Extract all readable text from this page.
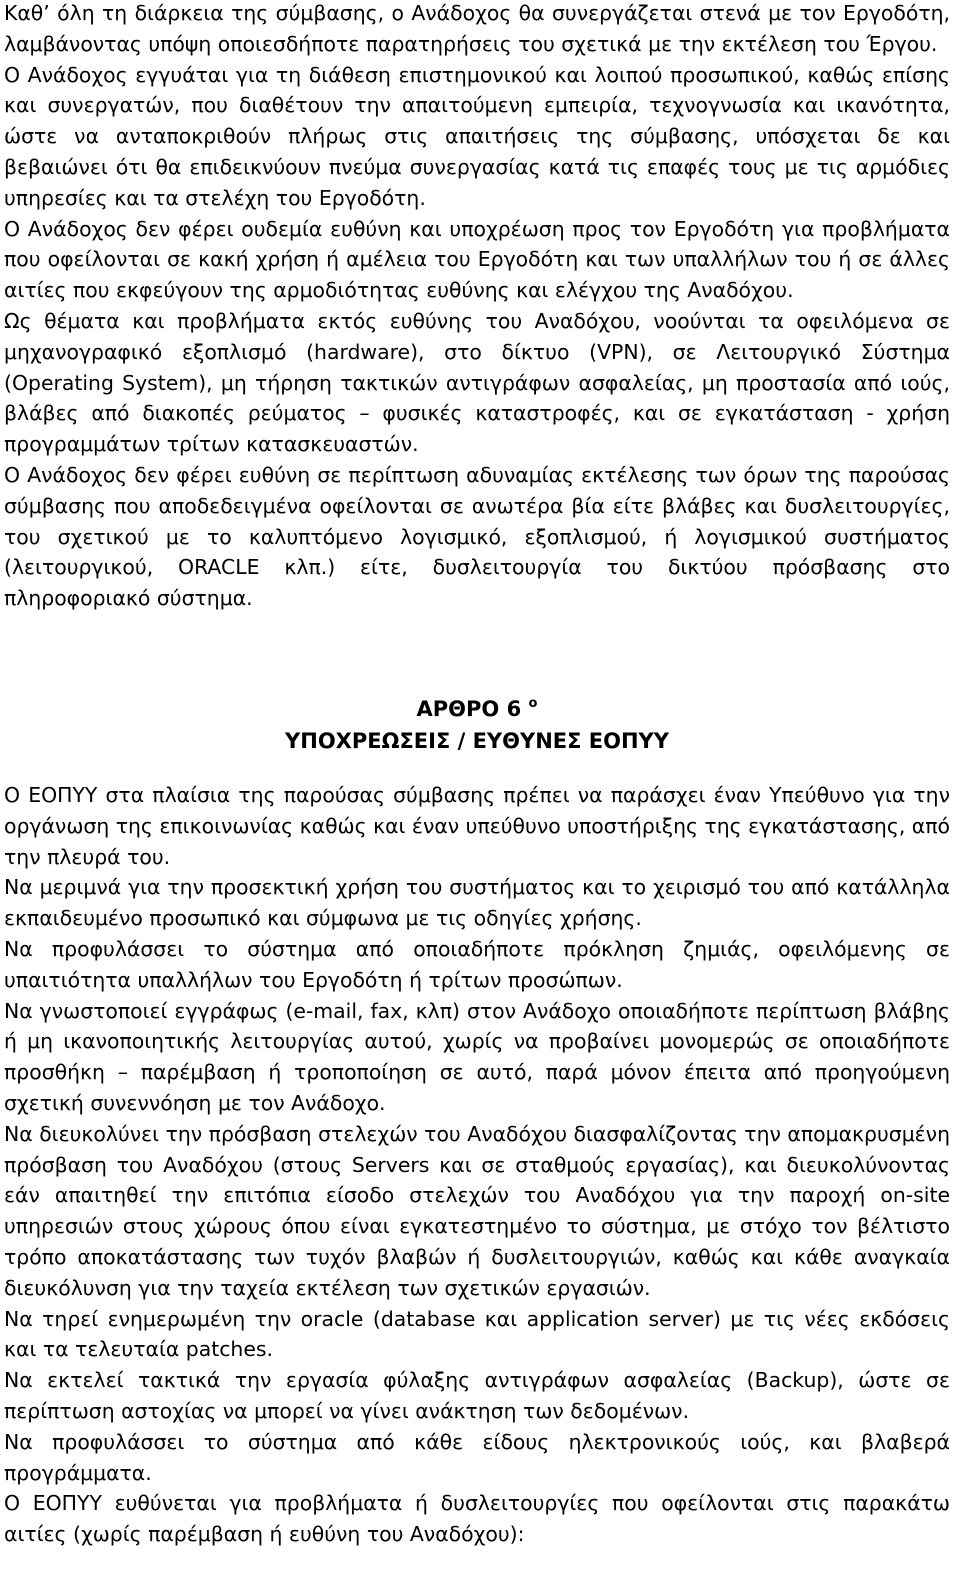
Καθ’ όλη τη διάρκεια της σύμβασης, ο Ανάδοχος θα συνεργάζεται στενά με τον Εργοδότη, λαμβάνοντας υπόψη οποιεσδήποτε παρατηρήσεις του σχετικά με την εκτέλεση του Έργου.

Ο Ανάδοχος εγγυάται για τη διάθεση επιστημονικού και λοιπού προσωπικού, καθώς επίσης και συνεργατών, που διαθέτουν την απαιτούμενη εμπειρία, τεχνογνωσία και ικανότητα, ώστε να ανταποκριθούν πλήρως στις απαιτήσεις της σύμβασης, υπόσχεται δε και βεβαιώνει ότι θα επιδεικνύουν πνεύμα συνεργασίας κατά τις επαφές τους με τις αρμόδιες υπηρεσίες και τα στελέχη του Εργοδότη.

Ο Ανάδοχος δεν φέρει ουδεμία ευθύνη και υποχρέωση προς τον Εργοδότη για προβλήματα που οφείλονται σε κακή χρήση ή αμέλεια του Εργοδότη και των υπαλλήλων του ή σε άλλες αιτίες που εκφεύγουν της αρμοδιότητας ευθύνης και ελέγχου της Αναδόχου.

Ως θέματα και προβλήματα εκτός ευθύνης του Αναδόχου, νοούνται τα οφειλόμενα σε μηχανογραφικό εξοπλισμό (hardware), στο δίκτυο (VPN), σε Λειτουργικό Σύστημα (Operating System), μη τήρηση τακτικών αντιγράφων ασφαλείας, μη προστασία από ιούς, βλάβες από διακοπές ρεύματος – φυσικές καταστροφές, και σε εγκατάσταση - χρήση προγραμμάτων τρίτων κατασκευαστών.

Ο Ανάδοχος δεν φέρει ευθύνη σε περίπτωση αδυναμίας εκτέλεσης των όρων της παρούσας σύμβασης που αποδεδειγμένα οφείλονται σε ανωτέρα βία είτε βλάβες και δυσλειτουργίες, του σχετικού με το καλυπτόμενο λογισμικό, εξοπλισμού, ή λογισμικού συστήματος (λειτουργικού, ORACLE κλπ.) είτε, δυσλειτουργία του δικτύου πρόσβασης στο πληροφοριακό σύστημα.

ΑΡΘΡΟ 6 $^o$
ΥΠΟΧΡΕΩΣΕΙΣ / ΕΥΘΥΝΕΣ ΕΟΠΥΥ

Ο ΕΟΠΥΥ στα πλαίσια της παρούσας σύμβασης πρέπει να παράσχει έναν Υπεύθυνο για την οργάνωση της επικοινωνίας καθώς και έναν υπεύθυνο υποστήριξης της εγκατάστασης, από την πλευρά του.

Να μεριμνά για την προσεκτική χρήση του συστήματος και το χειρισμό του από κατάλληλα εκπαιδευμένο προσωπικό και σύμφωνα με τις οδηγίες χρήσης.

Να προφυλάσσει το σύστημα από οποιαδήποτε πρόκληση ζημιάς, οφειλόμενης σε υπαιτιότητα υπαλλήλων του Εργοδότη ή τρίτων προσώπων.

Να γνωστοποιεί εγγράφως (e-mail, fax, κλπ) στον Ανάδοχο οποιαδήποτε περίπτωση βλάβης ή μη ικανοποιητικής λειτουργίας αυτού, χωρίς να προβαίνει μονομερώς σε οποιαδήποτε προσθήκη – παρέμβαση ή τροποποίηση σε αυτό, παρά μόνον έπειτα από προηγούμενη σχετική συνεννόηση με τον Ανάδοχο.

Να διευκολύνει την πρόσβαση στελεχών του Αναδόχου διασφαλίζοντας την απομακρυσμένη πρόσβαση του Αναδόχου (στους Servers και σε σταθμούς εργασίας), και διευκολύνοντας εάν απαιτηθεί την επιτόπια είσοδο στελεχών του Αναδόχου για την παροχή on-site υπηρεσιών στους χώρους όπου είναι εγκατεστημένο το σύστημα, με στόχο τον βέλτιστο τρόπο αποκατάστασης των τυχόν βλαβών ή δυσλειτουργιών, καθώς και κάθε αναγκαία διευκόλυνση για την ταχεία εκτέλεση των σχετικών εργασιών.

Να τηρεί ενημερωμένη την oracle (database και application server) με τις νέες εκδόσεις και τα τελευταία patches.

Να εκτελεί τακτικά την εργασία φύλαξης αντιγράφων ασφαλείας (Backup), ώστε σε περίπτωση αστοχίας να μπορεί να γίνει ανάκτηση των δεδομένων.

Να προφυλάσσει το σύστημα από κάθε είδους ηλεκτρονικούς ιούς, και βλαβερά προγράμματα.

Ο ΕΟΠΥΥ ευθύνεται για προβλήματα ή δυσλειτουργίες που οφείλονται στις παρακάτω αιτίες (χωρίς παρέμβαση ή ευθύνη του Αναδόχου):
